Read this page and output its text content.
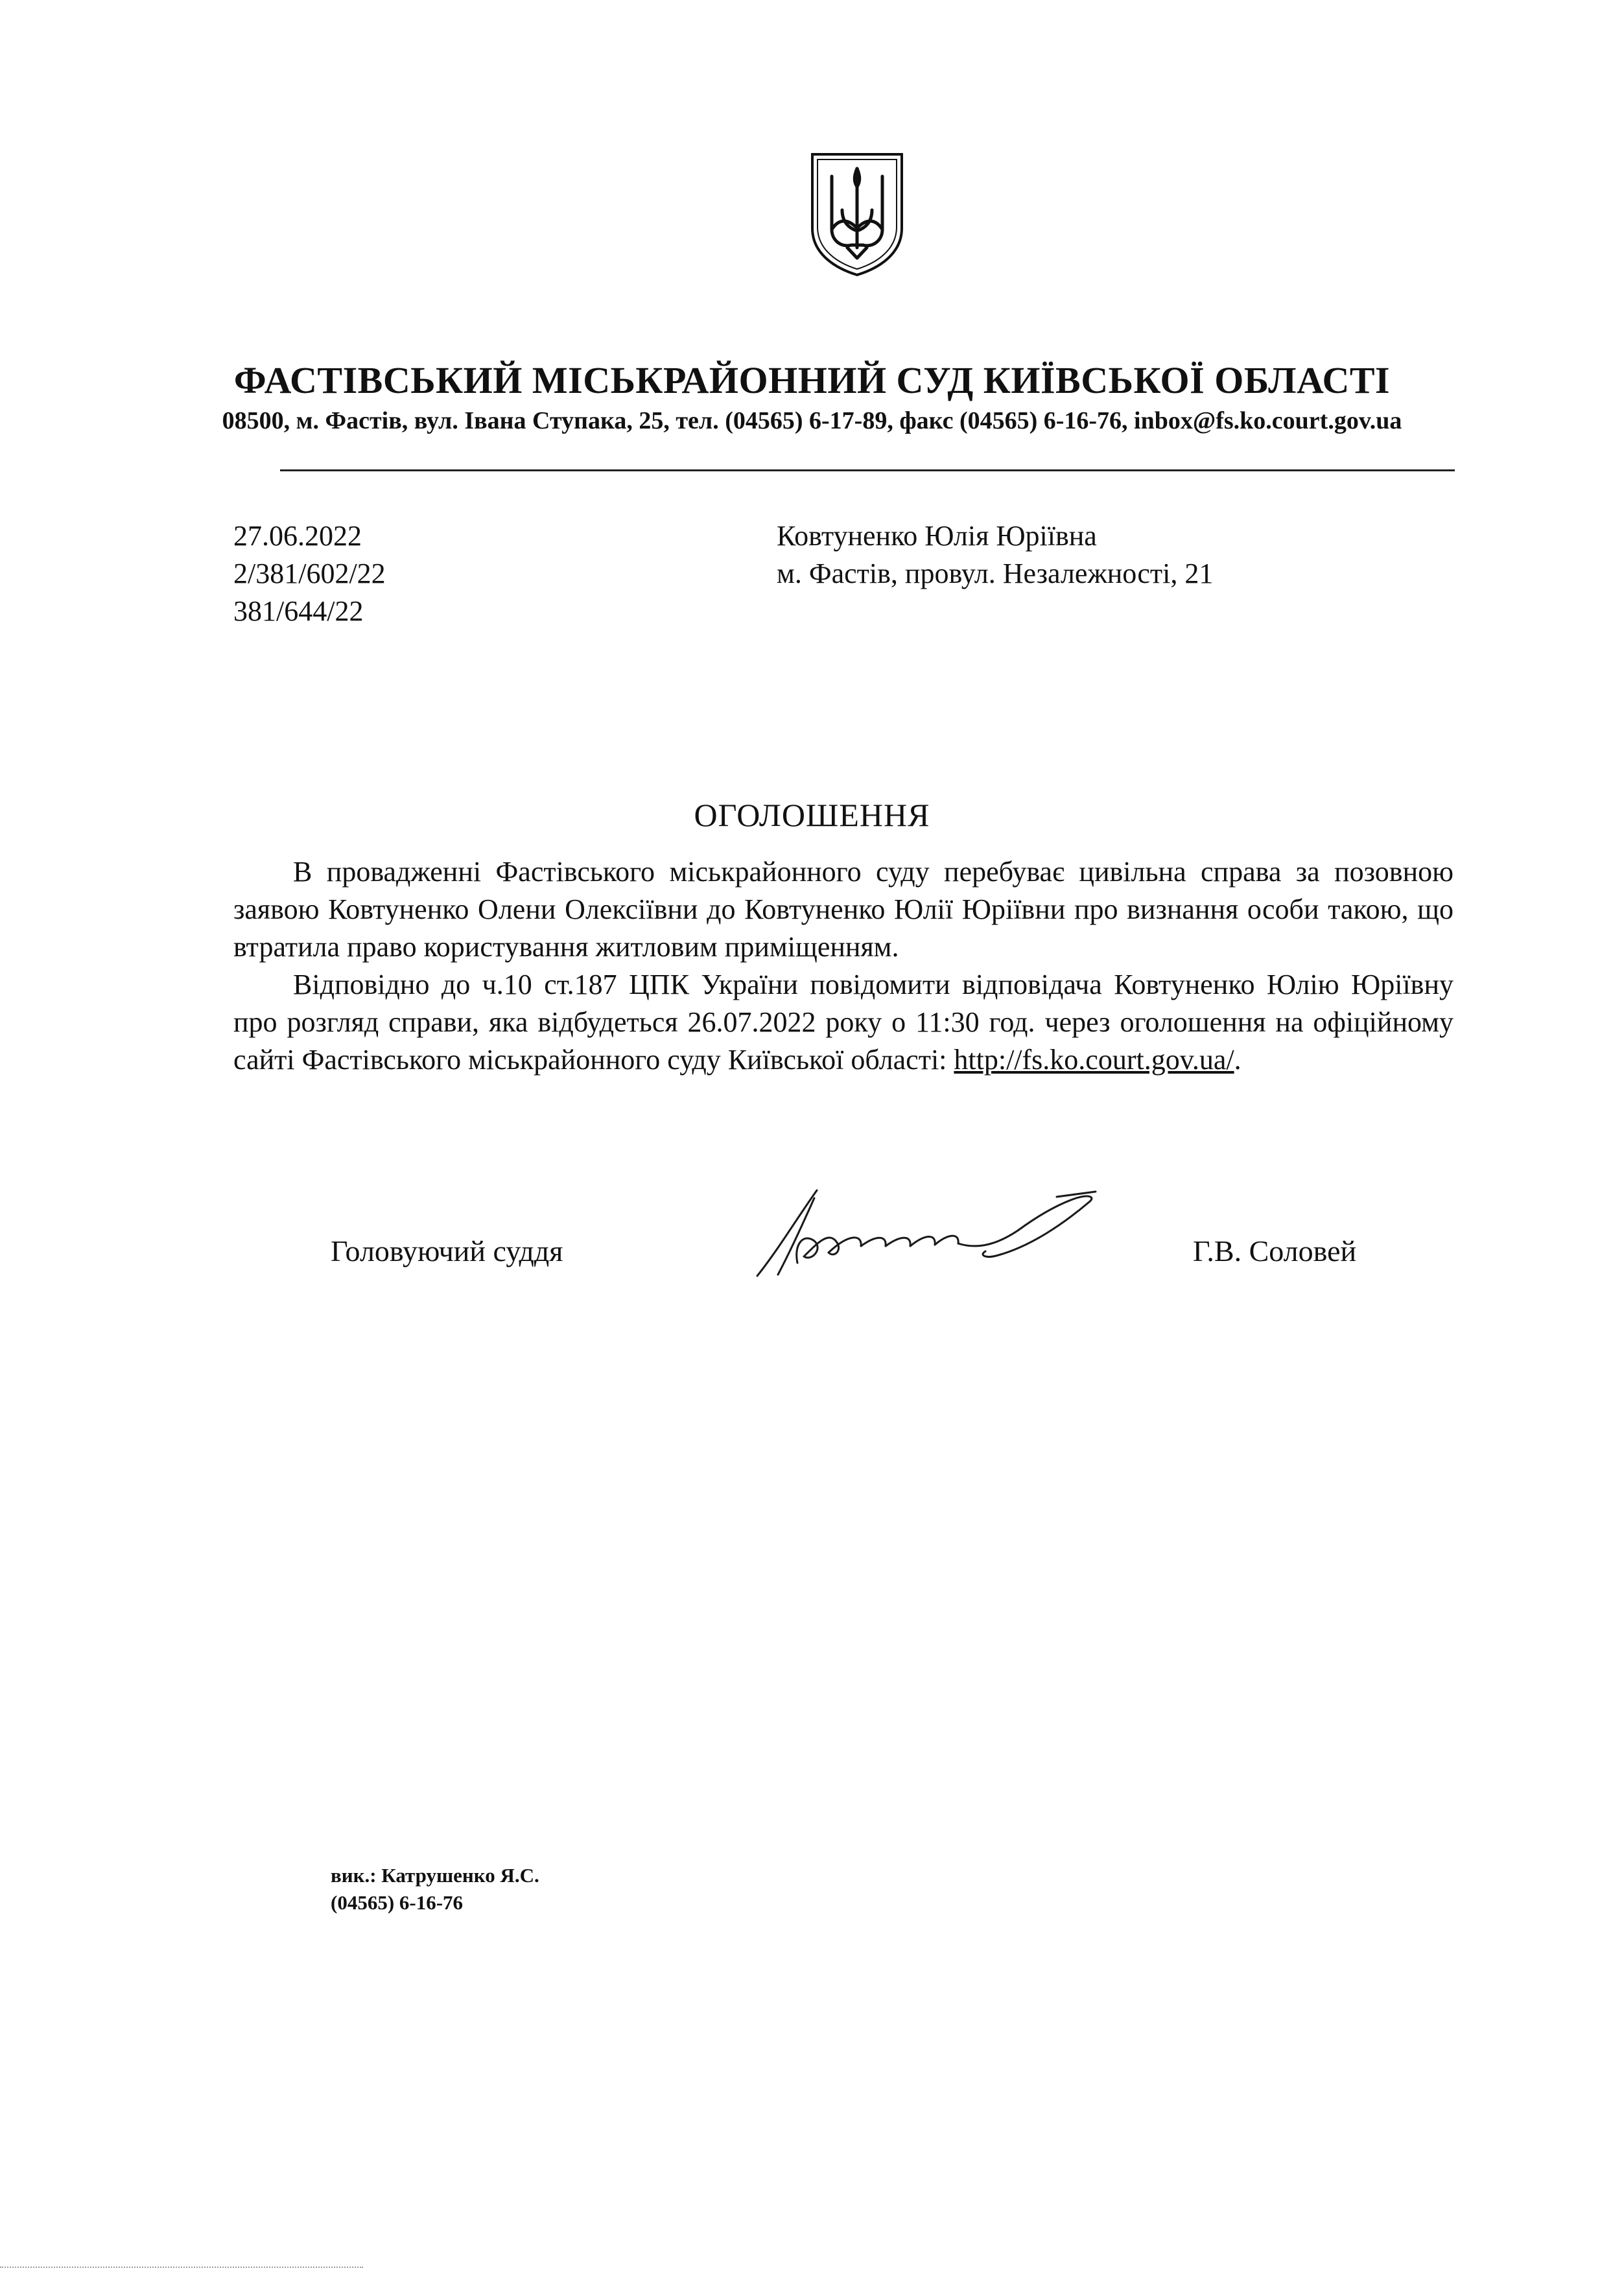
ФАСТІВСЬКИЙ МІСЬКРАЙОННИЙ СУД КИЇВСЬКОЇ ОБЛАСТІ
08500, м. Фастів, вул. Івана Ступака, 25, тел. (04565) 6-17-89, факс (04565) 6-16-76, inbox@fs.ko.court.gov.ua
27.06.2022
2/381/602/22
381/644/22
Ковтуненко Юлія Юріївна
м. Фастів, провул. Незалежності, 21
ОГОЛОШЕННЯ

В провадженні Фастівського міськрайонного суду перебуває цивільна справа за позовною заявою Ковтуненко Олени Олексіївни до Ковтуненко Юлії Юріївни про визнання особи такою, що втратила право користування житловим приміщенням.

Відповідно до ч.10 ст.187 ЦПК України повідомити відповідача Ковтуненко Юлію Юріївну про розгляд справи, яка відбудеться 26.07.2022 року о 11:30 год. через оголошення на офіційному сайті Фастівського міськрайонного суду Київської області: http://fs.ko.court.gov.ua/.

Головуючий суддя	Г.В. Соловей
вик.: Катрушенко Я.С.
(04565) 6-16-76
